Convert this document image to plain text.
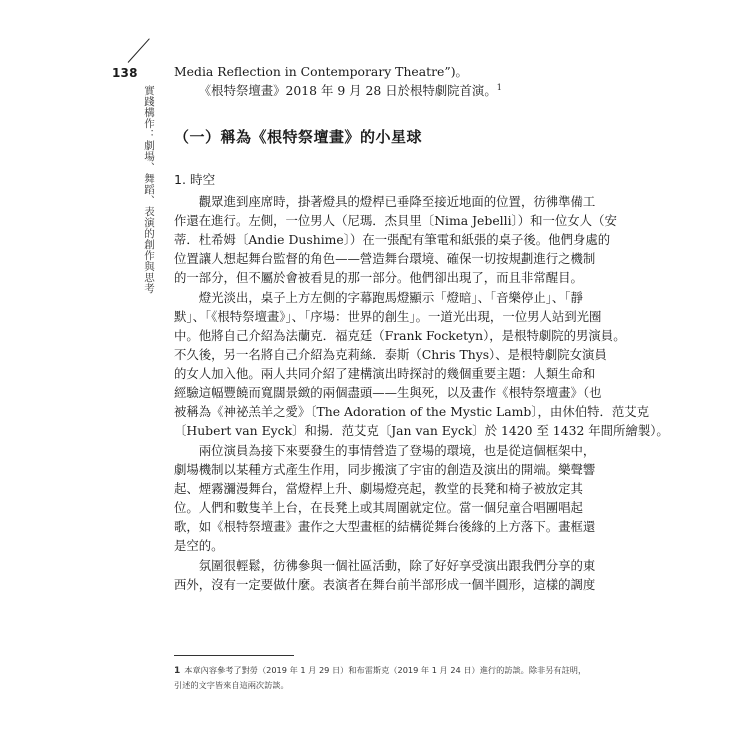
138
實踐構作：劇場、舞蹈、表演的創作與思考
Media Reflection in Contemporary Theatre”)。
《根特祭壇畫》2018 年 9 月 28 日於根特劇院首演。$^1$
（一）稱為《根特祭壇畫》的小星球
1. 時空
觀眾進到座席時，掛著燈具的燈桿已垂降至接近地面的位置，彷彿準備工
作還在進行。左側，一位男人（尼瑪．杰貝里〔Nima Jebelli〕）和一位女人（安
蒂．杜希姆〔Andie Dushime〕）在一張配有筆電和紙張的桌子後。他們身處的
位置讓人想起舞台監督的角色——營造舞台環境、確保一切按規劃進行之機制
的一部分，但不屬於會被看見的那一部分。他們卻出現了，而且非常醒目。
燈光淡出，桌子上方左側的字幕跑馬燈顯示「燈暗」、「音樂停止」、「靜
默」、「《根特祭壇畫》」、「序場：世界的創生」。一道光出現，一位男人站到光圈
中。他將自己介紹為法蘭克．福克廷（Frank Focketyn），是根特劇院的男演員。
不久後，另一名將自己介紹為克莉絲．泰斯（Chris Thys）、是根特劇院女演員
的女人加入他。兩人共同介紹了建構演出時探討的幾個重要主題：人類生命和
經驗這幅豐饒而寬闊景緻的兩個盡頭——生與死，以及畫作《根特祭壇畫》（也
被稱為《神祕羔羊之愛》〔The Adoration of the Mystic Lamb〕，由休伯特．范艾克
〔Hubert van Eyck〕和揚．范艾克〔Jan van Eyck〕於 1420 至 1432 年間所繪製）。
兩位演員為接下來要發生的事情營造了登場的環境，也是從這個框架中，
劇場機制以某種方式產生作用，同步搬演了宇宙的創造及演出的開端。樂聲響
起、煙霧瀰漫舞台，當燈桿上升、劇場燈亮起，教堂的長凳和椅子被放定其
位。人們和數隻羊上台，在長凳上或其周圍就定位。當一個兒童合唱團唱起
歌，如《根特祭壇畫》畫作之大型畫框的結構從舞台後緣的上方落下。畫框還
是空的。
氛圍很輕鬆，彷彿參與一個社區活動，除了好好享受演出跟我們分享的東
西外，沒有一定要做什麼。表演者在舞台前半部形成一個半圓形，這樣的調度
1 本章內容參考了對勞（2019 年 1 月 29 日）和布雷斯克（2019 年 1 月 24 日）進行的訪談。除非另有註明，
引述的文字皆來自這兩次訪談。
